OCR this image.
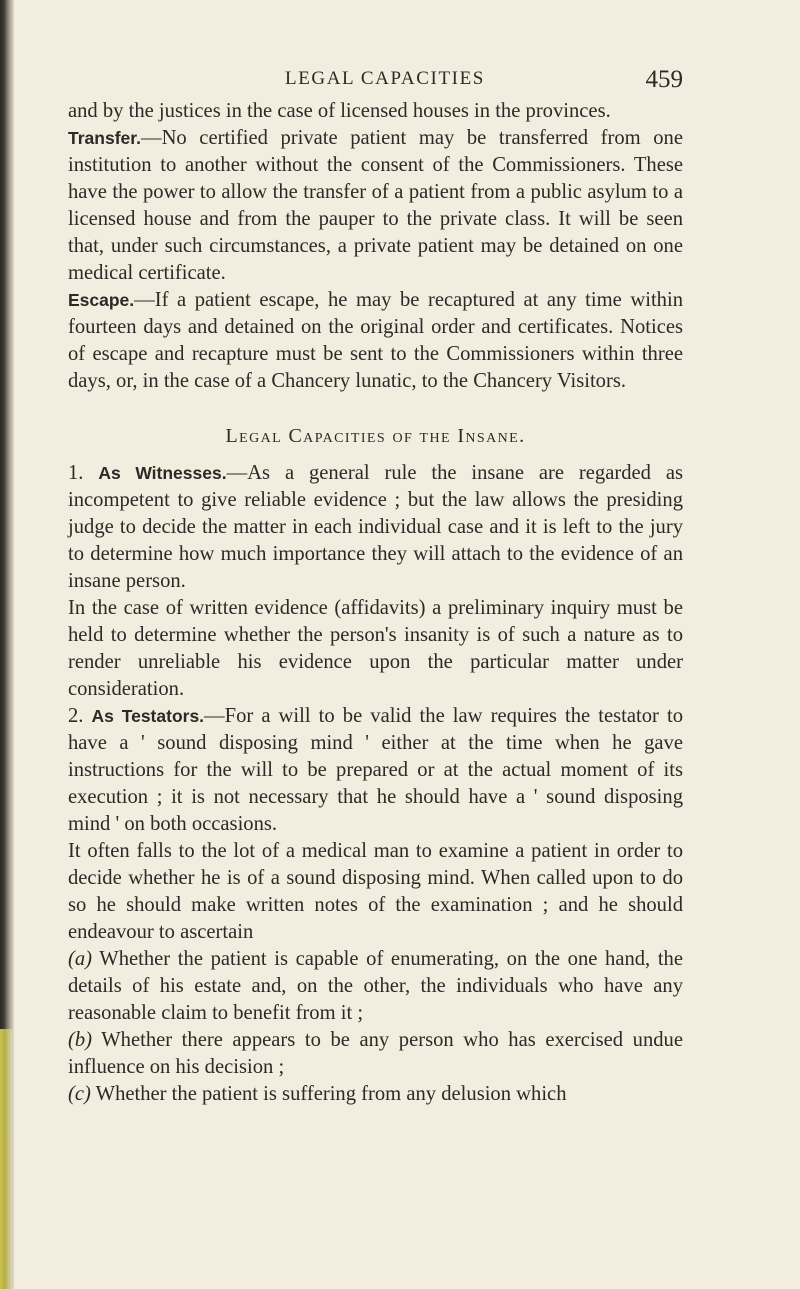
LEGAL CAPACITIES	459

and by the justices in the case of licensed houses in the provinces.

Transfer.—No certified private patient may be transferred from one institution to another without the consent of the Commissioners. These have the power to allow the transfer of a patient from a public asylum to a licensed house and from the pauper to the private class. It will be seen that, under such circumstances, a private patient may be detained on one medical certificate.

Escape.—If a patient escape, he may be recaptured at any time within fourteen days and detained on the original order and certificates. Notices of escape and recapture must be sent to the Commissioners within three days, or, in the case of a Chancery lunatic, to the Chancery Visitors.

Legal Capacities of the Insane.

1. As Witnesses.—As a general rule the insane are regarded as incompetent to give reliable evidence ; but the law allows the presiding judge to decide the matter in each individual case and it is left to the jury to determine how much importance they will attach to the evidence of an insane person.

In the case of written evidence (affidavits) a preliminary inquiry must be held to determine whether the person's insanity is of such a nature as to render unreliable his evidence upon the particular matter under consideration.

2. As Testators.—For a will to be valid the law requires the testator to have a ' sound disposing mind ' either at the time when he gave instructions for the will to be prepared or at the actual moment of its execution ; it is not necessary that he should have a ' sound disposing mind ' on both occasions.

It often falls to the lot of a medical man to examine a patient in order to decide whether he is of a sound disposing mind. When called upon to do so he should make written notes of the examination ; and he should endeavour to ascertain

(a) Whether the patient is capable of enumerating, on the one hand, the details of his estate and, on the other, the individuals who have any reasonable claim to benefit from it ;

(b) Whether there appears to be any person who has exercised undue influence on his decision ;

(c) Whether the patient is suffering from any delusion which
